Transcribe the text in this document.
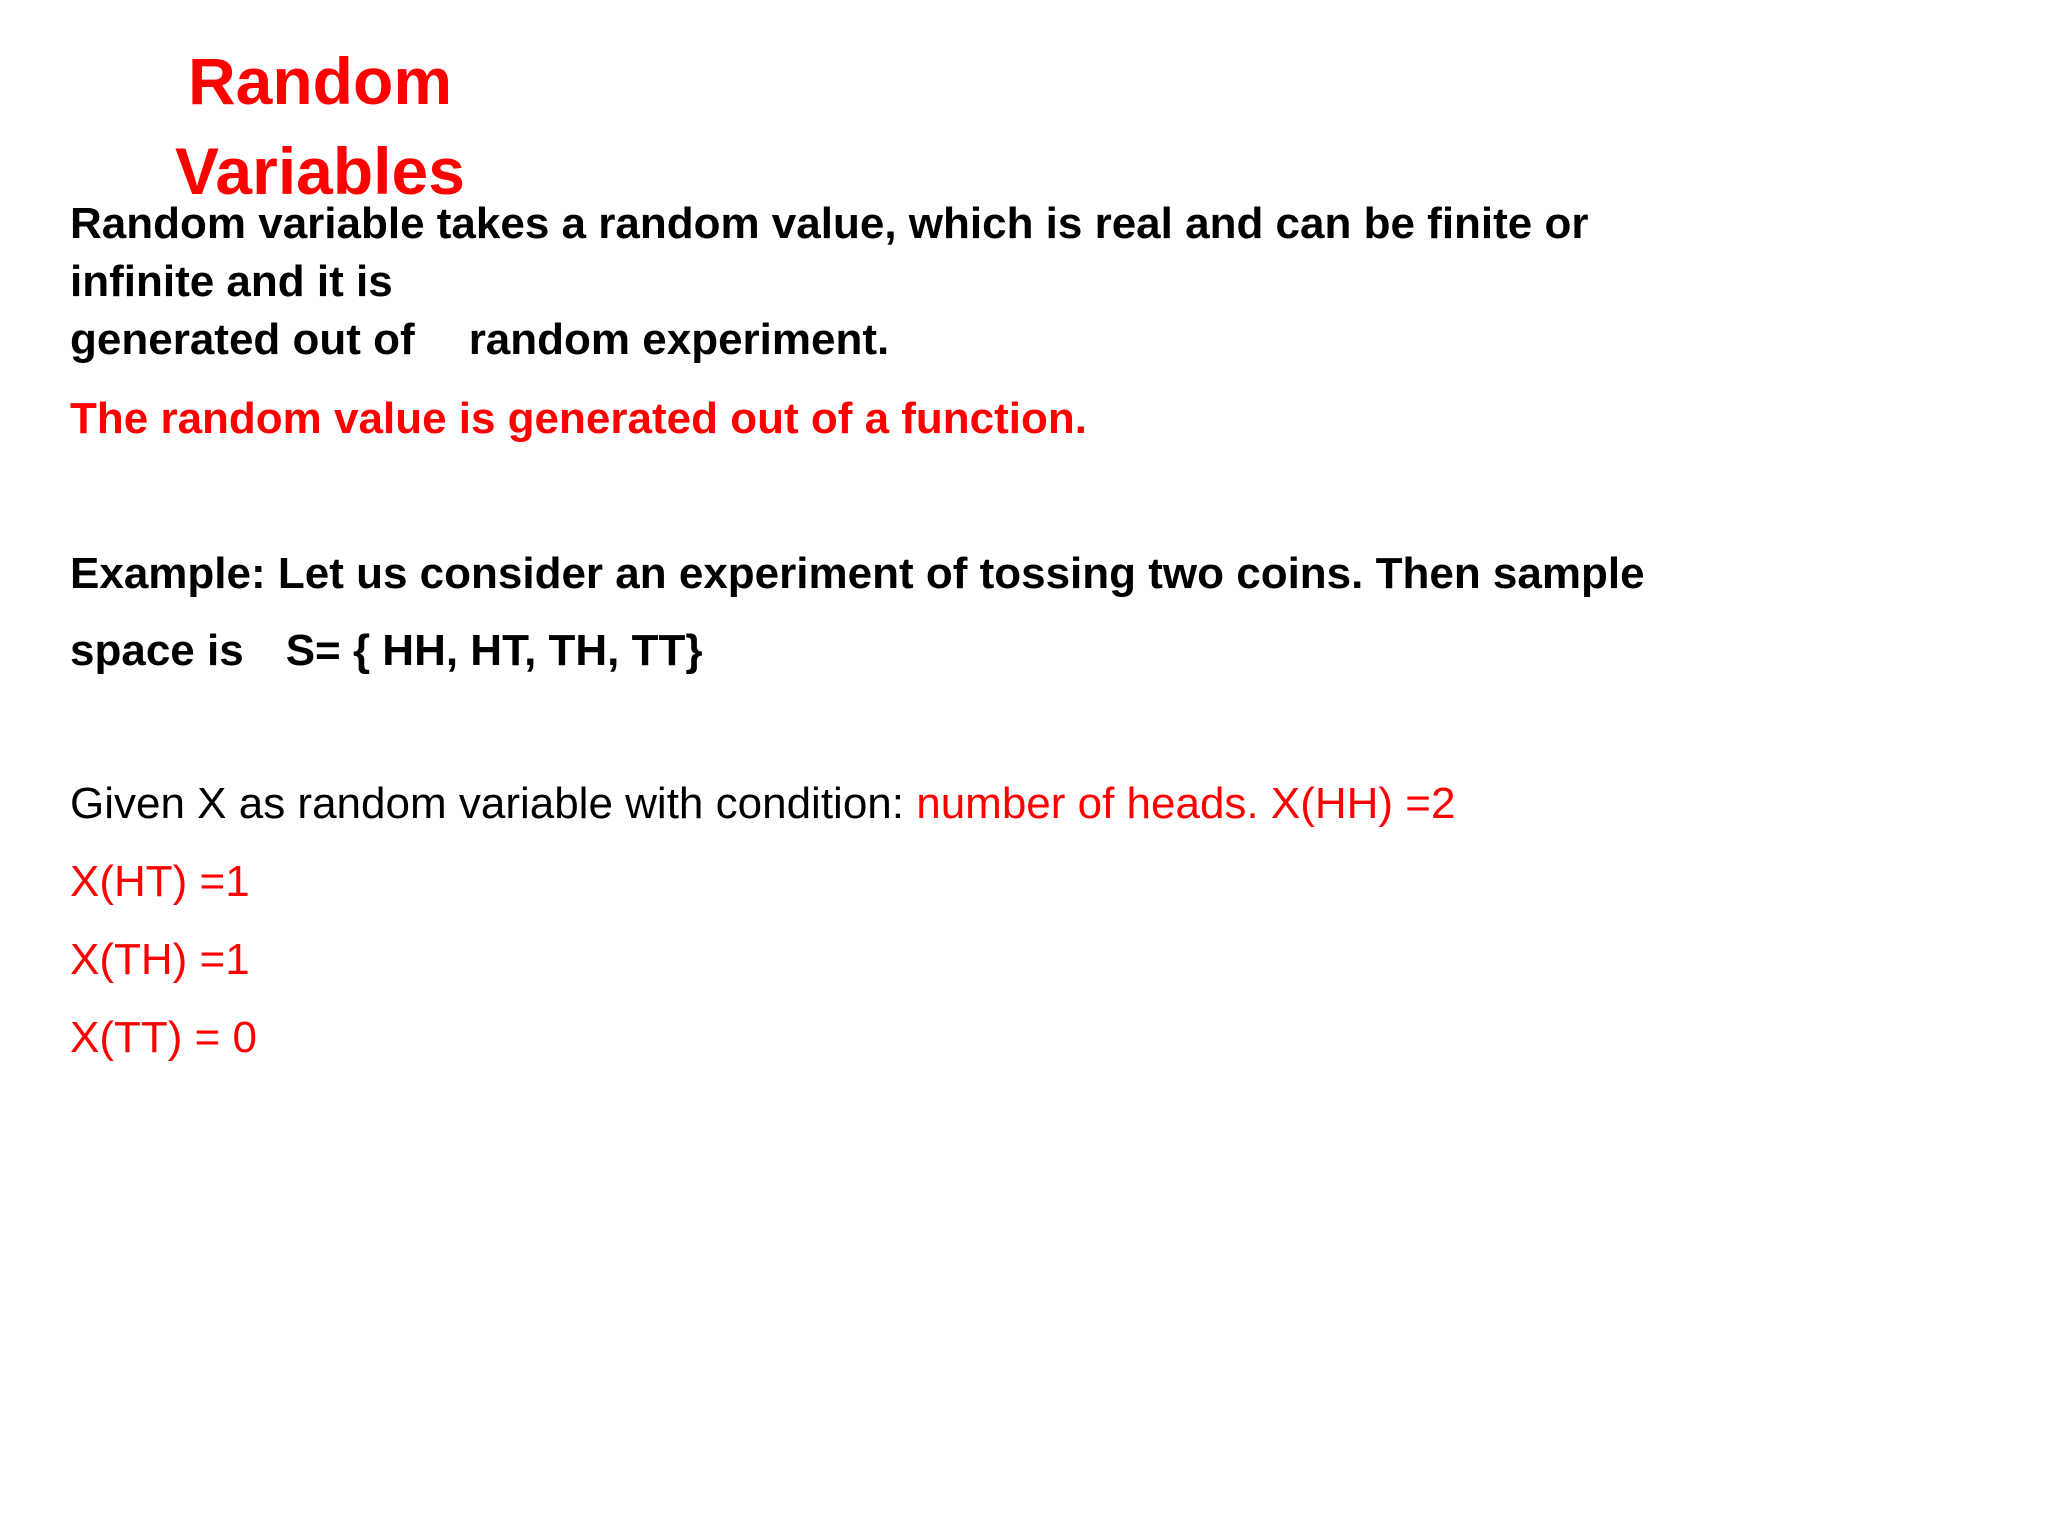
Random
Variables

Random variable takes a random value, which is real and can be finite or

infinite and it is

generated out of random experiment.

The random value is generated out of a function.

Example: Let us consider an experiment of tossing two coins. Then sample

space is S= { HH, HT, TH, TT}

Given X as random variable with condition: number of heads. X(HH) =2

X(HT) =1

X(TH) =1

X(TT) = 0
